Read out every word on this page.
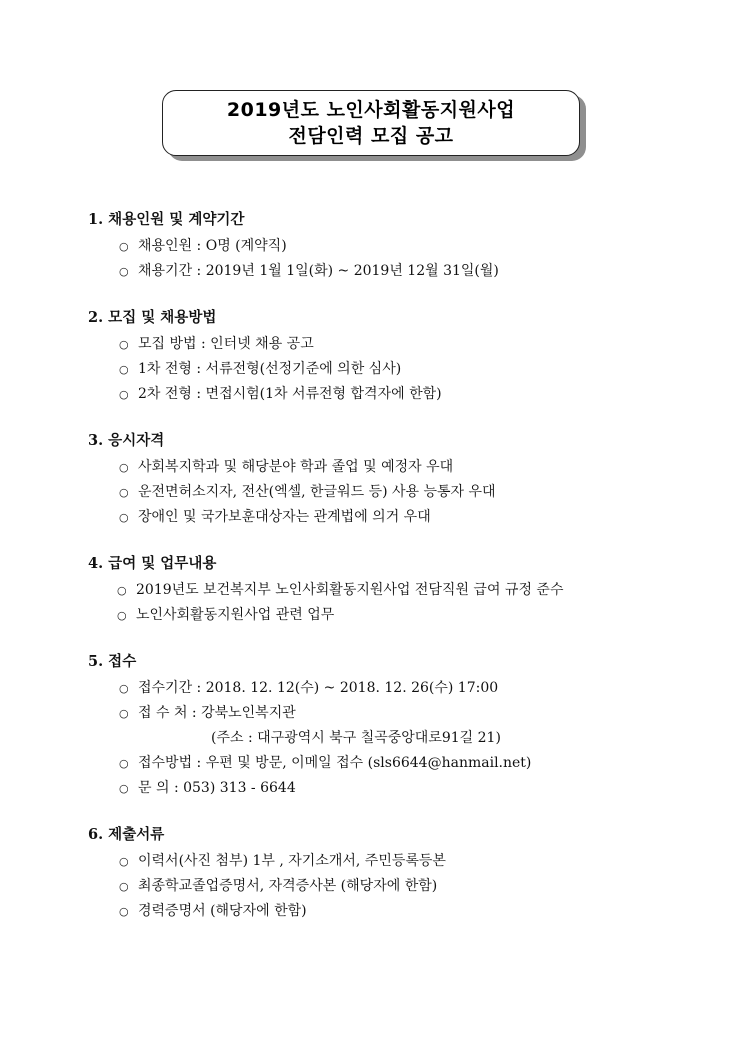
2019년도 노인사회활동지원사업
전담인력 모집 공고
1. 채용인원 및 계약기간
○ 채용인원 : O명 (계약직)
○ 채용기간 : 2019년 1월 1일(화) ~ 2019년 12월 31일(월)
2. 모집 및 채용방법
○ 모집 방법 : 인터넷 채용 공고
○ 1차 전형 : 서류전형(선정기준에 의한 심사)
○ 2차 전형 : 면접시험(1차 서류전형 합격자에 한함)
3. 응시자격
○ 사회복지학과 및 해당분야 학과 졸업 및 예정자 우대
○ 운전면허소지자, 전산(엑셀, 한글워드 등) 사용 능통자 우대
○ 장애인 및 국가보훈대상자는 관계법에 의거 우대
4. 급여 및 업무내용
○ 2019년도 보건복지부 노인사회활동지원사업 전담직원 급여 규정 준수
○ 노인사회활동지원사업 관련 업무
5. 접수
○ 접수기간 : 2018. 12. 12(수) ~ 2018. 12. 26(수) 17:00
○ 접 수 처 : 강북노인복지관
(주소 : 대구광역시 북구 칠곡중앙대로91길 21)
○ 접수방법 : 우편 및 방문, 이메일 접수 (sls6644@hanmail.net)
○ 문 의 : 053) 313 - 6644
6. 제출서류
○ 이력서(사진 첨부) 1부 , 자기소개서, 주민등록등본
○ 최종학교졸업증명서, 자격증사본 (해당자에 한함)
○ 경력증명서 (해당자에 한함)
